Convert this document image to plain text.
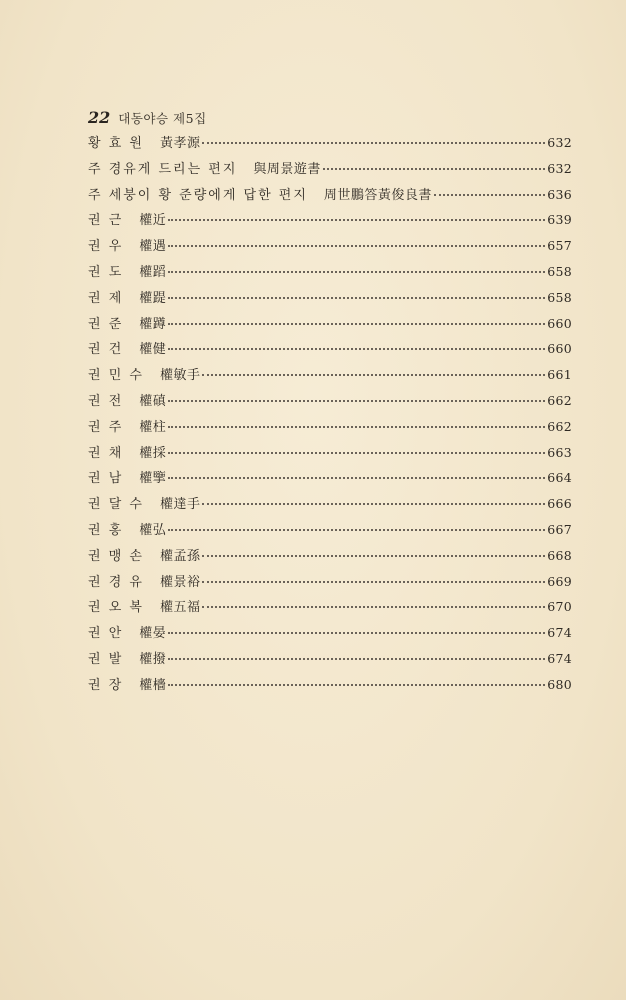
22 대동야승 제5집
황 효 원 黃孝源	632
주 경유게 드리는 편지 與周景遊書	632
주 세붕이 황 준량에게 답한 편지 周世鵬答黃俊良書	636
권 근 權近	639
권 우 權遇	657
권 도 權蹈	658
권 제 權踶	658
권 준 權蹲	660
권 건 權健	660
권 민 수 權敏手	661
권 전 權磌	662
권 주 權柱	662
권 채 權採	663
권 남 權擥	664
권 달 수 權達手	666
권 홍 權弘	667
권 맹 손 權孟孫	668
권 경 유 權景裕	669
권 오 복 權五福	670
권 안 權晏	674
권 발 權撥	674
권 장 權檣	680
